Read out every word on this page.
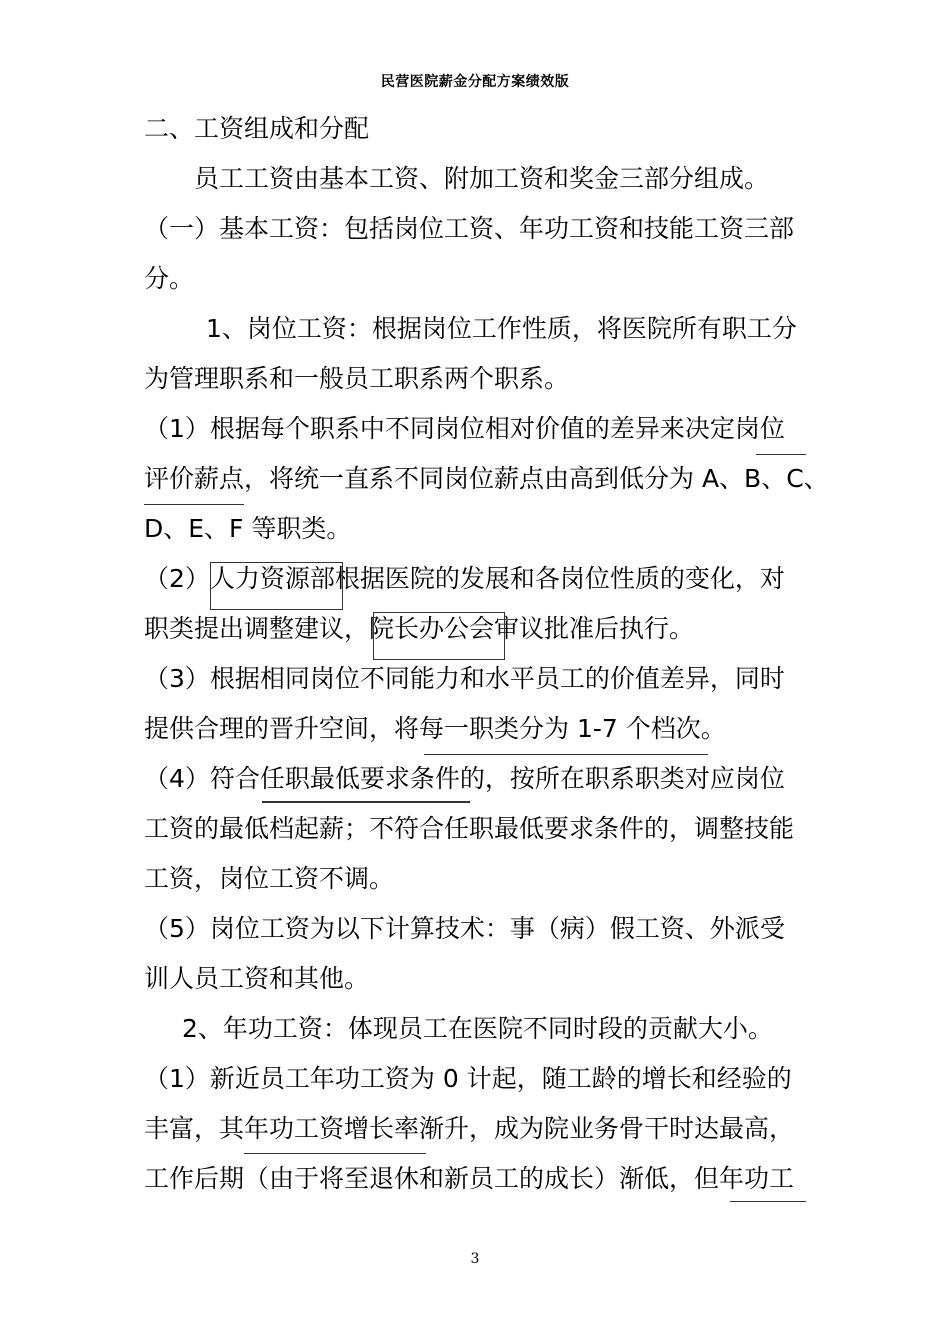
民营医院薪金分配方案绩效版
二、工资组成和分配
员工工资由基本工资、附加工资和奖金三部分组成。
（一）基本工资：包括岗位工资、年功工资和技能工资三部
分。
1、岗位工资：根据岗位工作性质，将医院所有职工分
为管理职系和一般员工职系两个职系。
（1）根据每个职系中不同岗位相对价值的差异来决定岗位
评价薪点，将统一直系不同岗位薪点由高到低分为 A、B、C、
D、E、F 等职类。
（2）人力资源部根据医院的发展和各岗位性质的变化，对
职类提出调整建议，院长办公会审议批准后执行。
（3）根据相同岗位不同能力和水平员工的价值差异，同时
提供合理的晋升空间，将每一职类分为 1-7 个档次。
（4）符合任职最低要求条件的，按所在职系职类对应岗位
工资的最低档起薪；不符合任职最低要求条件的，调整技能
工资，岗位工资不调。
（5）岗位工资为以下计算技术：事（病）假工资、外派受
训人员工资和其他。
2、年功工资：体现员工在医院不同时段的贡献大小。
（1）新近员工年功工资为 0 计起，随工龄的增长和经验的
丰富，其年功工资增长率渐升，成为院业务骨干时达最高，
工作后期（由于将至退休和新员工的成长）渐低，但年功工
3
